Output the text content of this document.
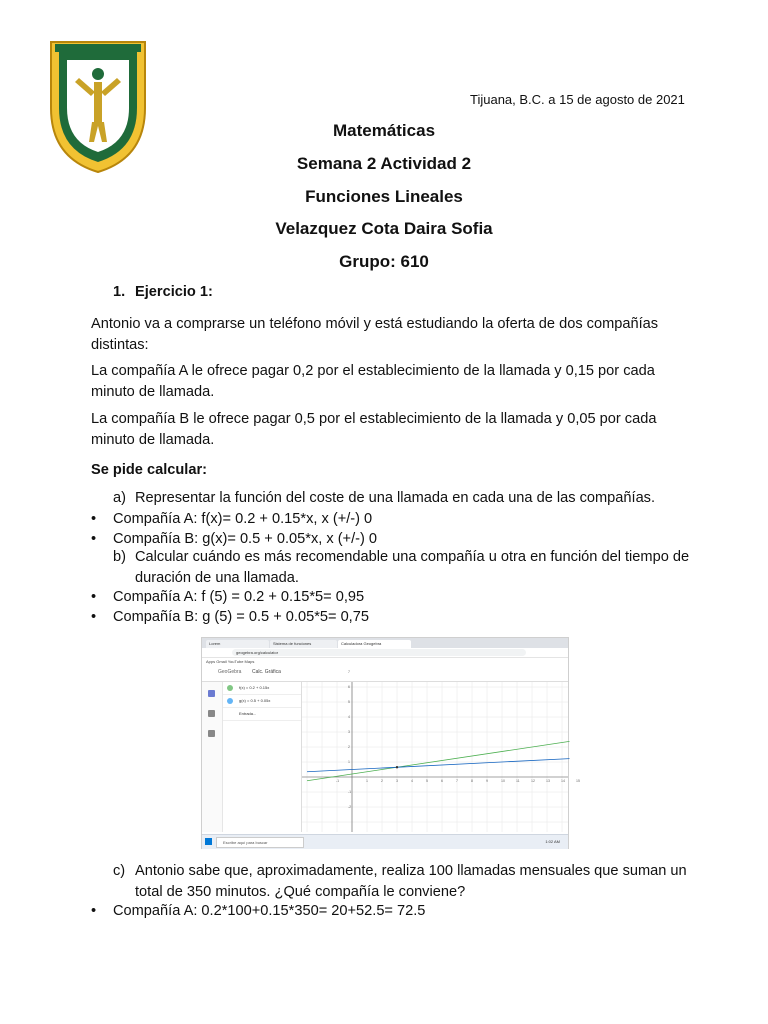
Tijuana, B.C. a 15 de agosto de 2021
Matemáticas
Semana 2 Actividad 2
Funciones Lineales
Velazquez Cota Daira Sofia
Grupo: 610
1. Ejercicio 1:
Antonio va a comprarse un teléfono móvil y está estudiando la oferta de dos compañías distintas:
La compañía A le ofrece pagar 0,2 por el establecimiento de la llamada y 0,15 por cada minuto de llamada.
La compañía B le ofrece pagar 0,5 por el establecimiento de la llamada y 0,05 por cada minuto de llamada.
Se pide calcular:
a) Representar la función del coste de una llamada en cada una de las compañías.
• Compañía A: f(x)= 0.2 + 0.15*x, x (+/-) 0
• Compañía B: g(x)= 0.5 + 0.05*x, x (+/-) 0
b) Calcular cuándo es más recomendable una compañía u otra en función del tiempo de duración de una llamada.
• Compañía A: f (5) = 0.2 + 0.15*5= 0,95
• Compañía B: g (5) = 0.5 + 0.05*5= 0,75
Lorem	Sistema de funciones	Calculadora Geogebra
geogebra.org/calculator
Apps Gmail YouTube Maps
GeoGebra Calc. Gráfica
f(x) = 0.2 + 0.15x
g(x) = 0.5 + 0.05x
Entrada...
-1	1	2	3	4	5	6	7	8	9	10	11	12	13	14	15
7
6
5
4
3
2
1
-1
-2
Escribe aquí para buscar	1:02 AM
c) Antonio sabe que, aproximadamente, realiza 100 llamadas mensuales que suman un total de 350 minutos. ¿Qué compañía le conviene?
• Compañía A: 0.2*100+0.15*350= 20+52.5= 72.5
